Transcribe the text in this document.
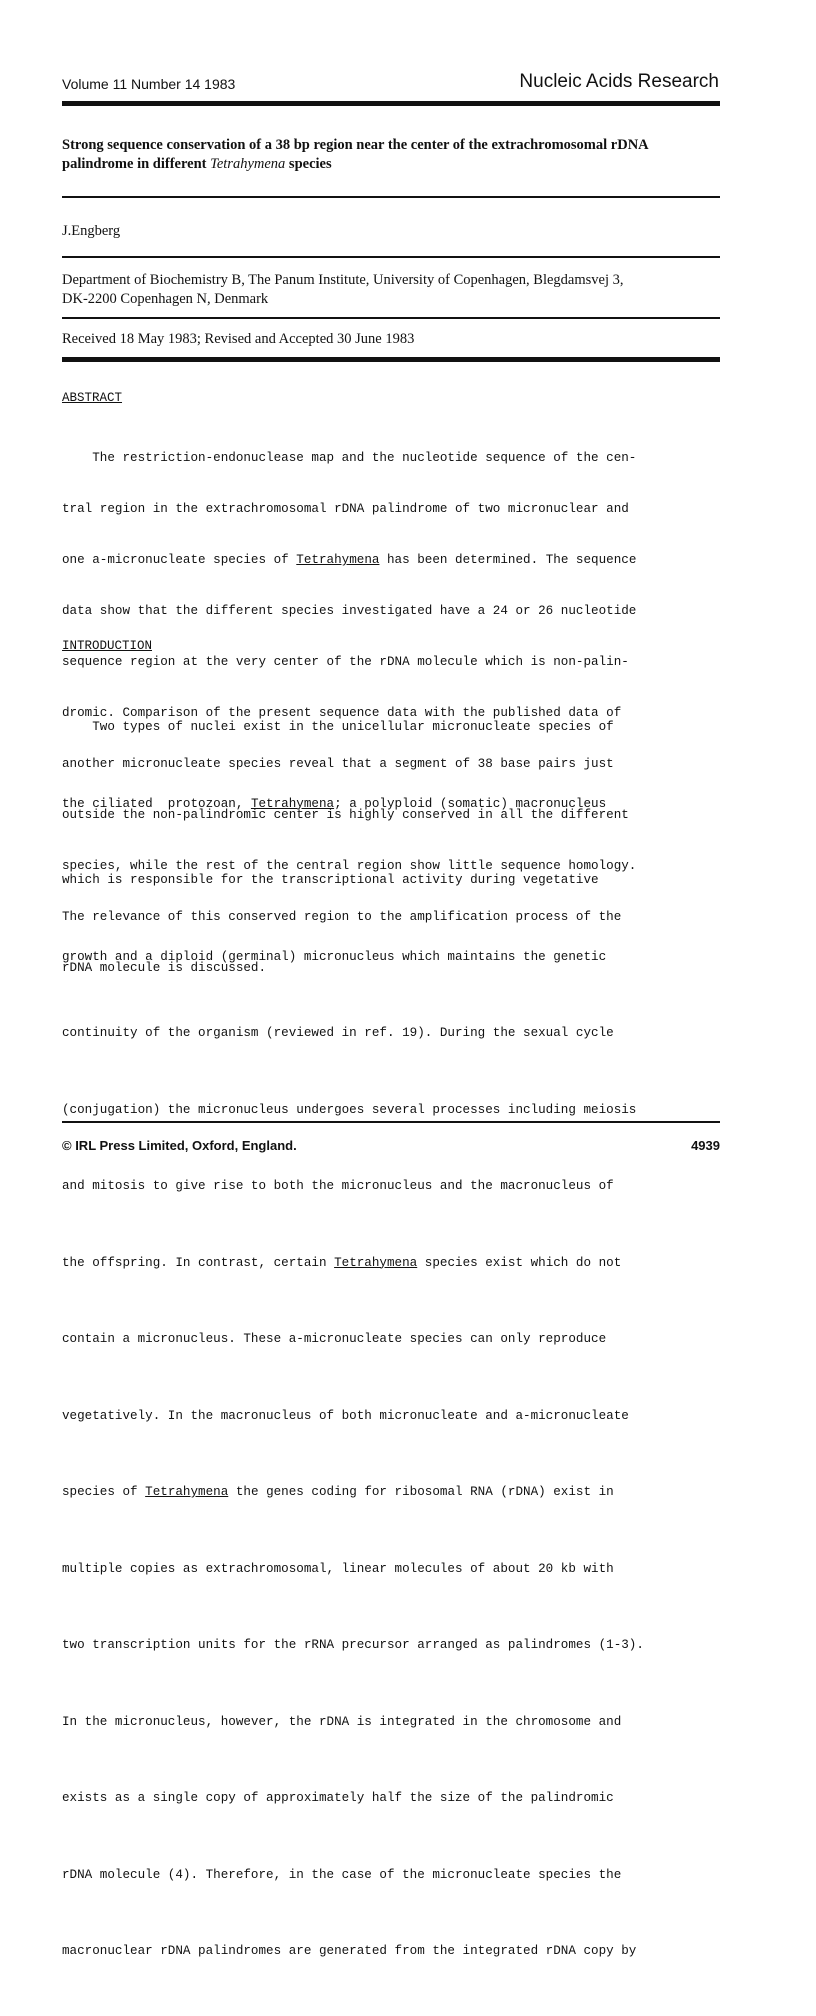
Volume 11 Number 14 1983	Nucleic Acids Research
Strong sequence conservation of a 38 bp region near the center of the extrachromosomal rDNA palindrome in different Tetrahymena species
J.Engberg
Department of Biochemistry B, The Panum Institute, University of Copenhagen, Blegdamsvej 3,
DK-2200 Copenhagen N, Denmark
Received 18 May 1983; Revised and Accepted 30 June 1983
ABSTRACT

The restriction-endonuclease map and the nucleotide sequence of the cen-

tral region in the extrachromosomal rDNA palindrome of two micronuclear and

one a-micronucleate species of Tetrahymena has been determined. The sequence

data show that the different species investigated have a 24 or 26 nucleotide

sequence region at the very center of the rDNA molecule which is non-palin-

dromic. Comparison of the present sequence data with the published data of

another micronucleate species reveal that a segment of 38 base pairs just

outside the non-palindromic center is highly conserved in all the different

species, while the rest of the central region show little sequence homology.

The relevance of this conserved region to the amplification process of the

rDNA molecule is discussed.

INTRODUCTION

Two types of nuclei exist in the unicellular micronucleate species of

the ciliated  protozoan, Tetrahymena; a polyploid (somatic) macronucleus

which is responsible for the transcriptional activity during vegetative

growth and a diploid (germinal) micronucleus which maintains the genetic

continuity of the organism (reviewed in ref. 19). During the sexual cycle

(conjugation) the micronucleus undergoes several processes including meiosis

and mitosis to give rise to both the micronucleus and the macronucleus of

the offspring. In contrast, certain Tetrahymena species exist which do not

contain a micronucleus. These a-micronucleate species can only reproduce

vegetatively. In the macronucleus of both micronucleate and a-micronucleate

species of Tetrahymena the genes coding for ribosomal RNA (rDNA) exist in

multiple copies as extrachromosomal, linear molecules of about 20 kb with

two transcription units for the rRNA precursor arranged as palindromes (1-3).

In the micronucleus, however, the rDNA is integrated in the chromosome and

exists as a single copy of approximately half the size of the palindromic

rDNA molecule (4). Therefore, in the case of the micronucleate species the

macronuclear rDNA palindromes are generated from the integrated rDNA copy by

© IRL Press Limited, Oxford, England.	4939
